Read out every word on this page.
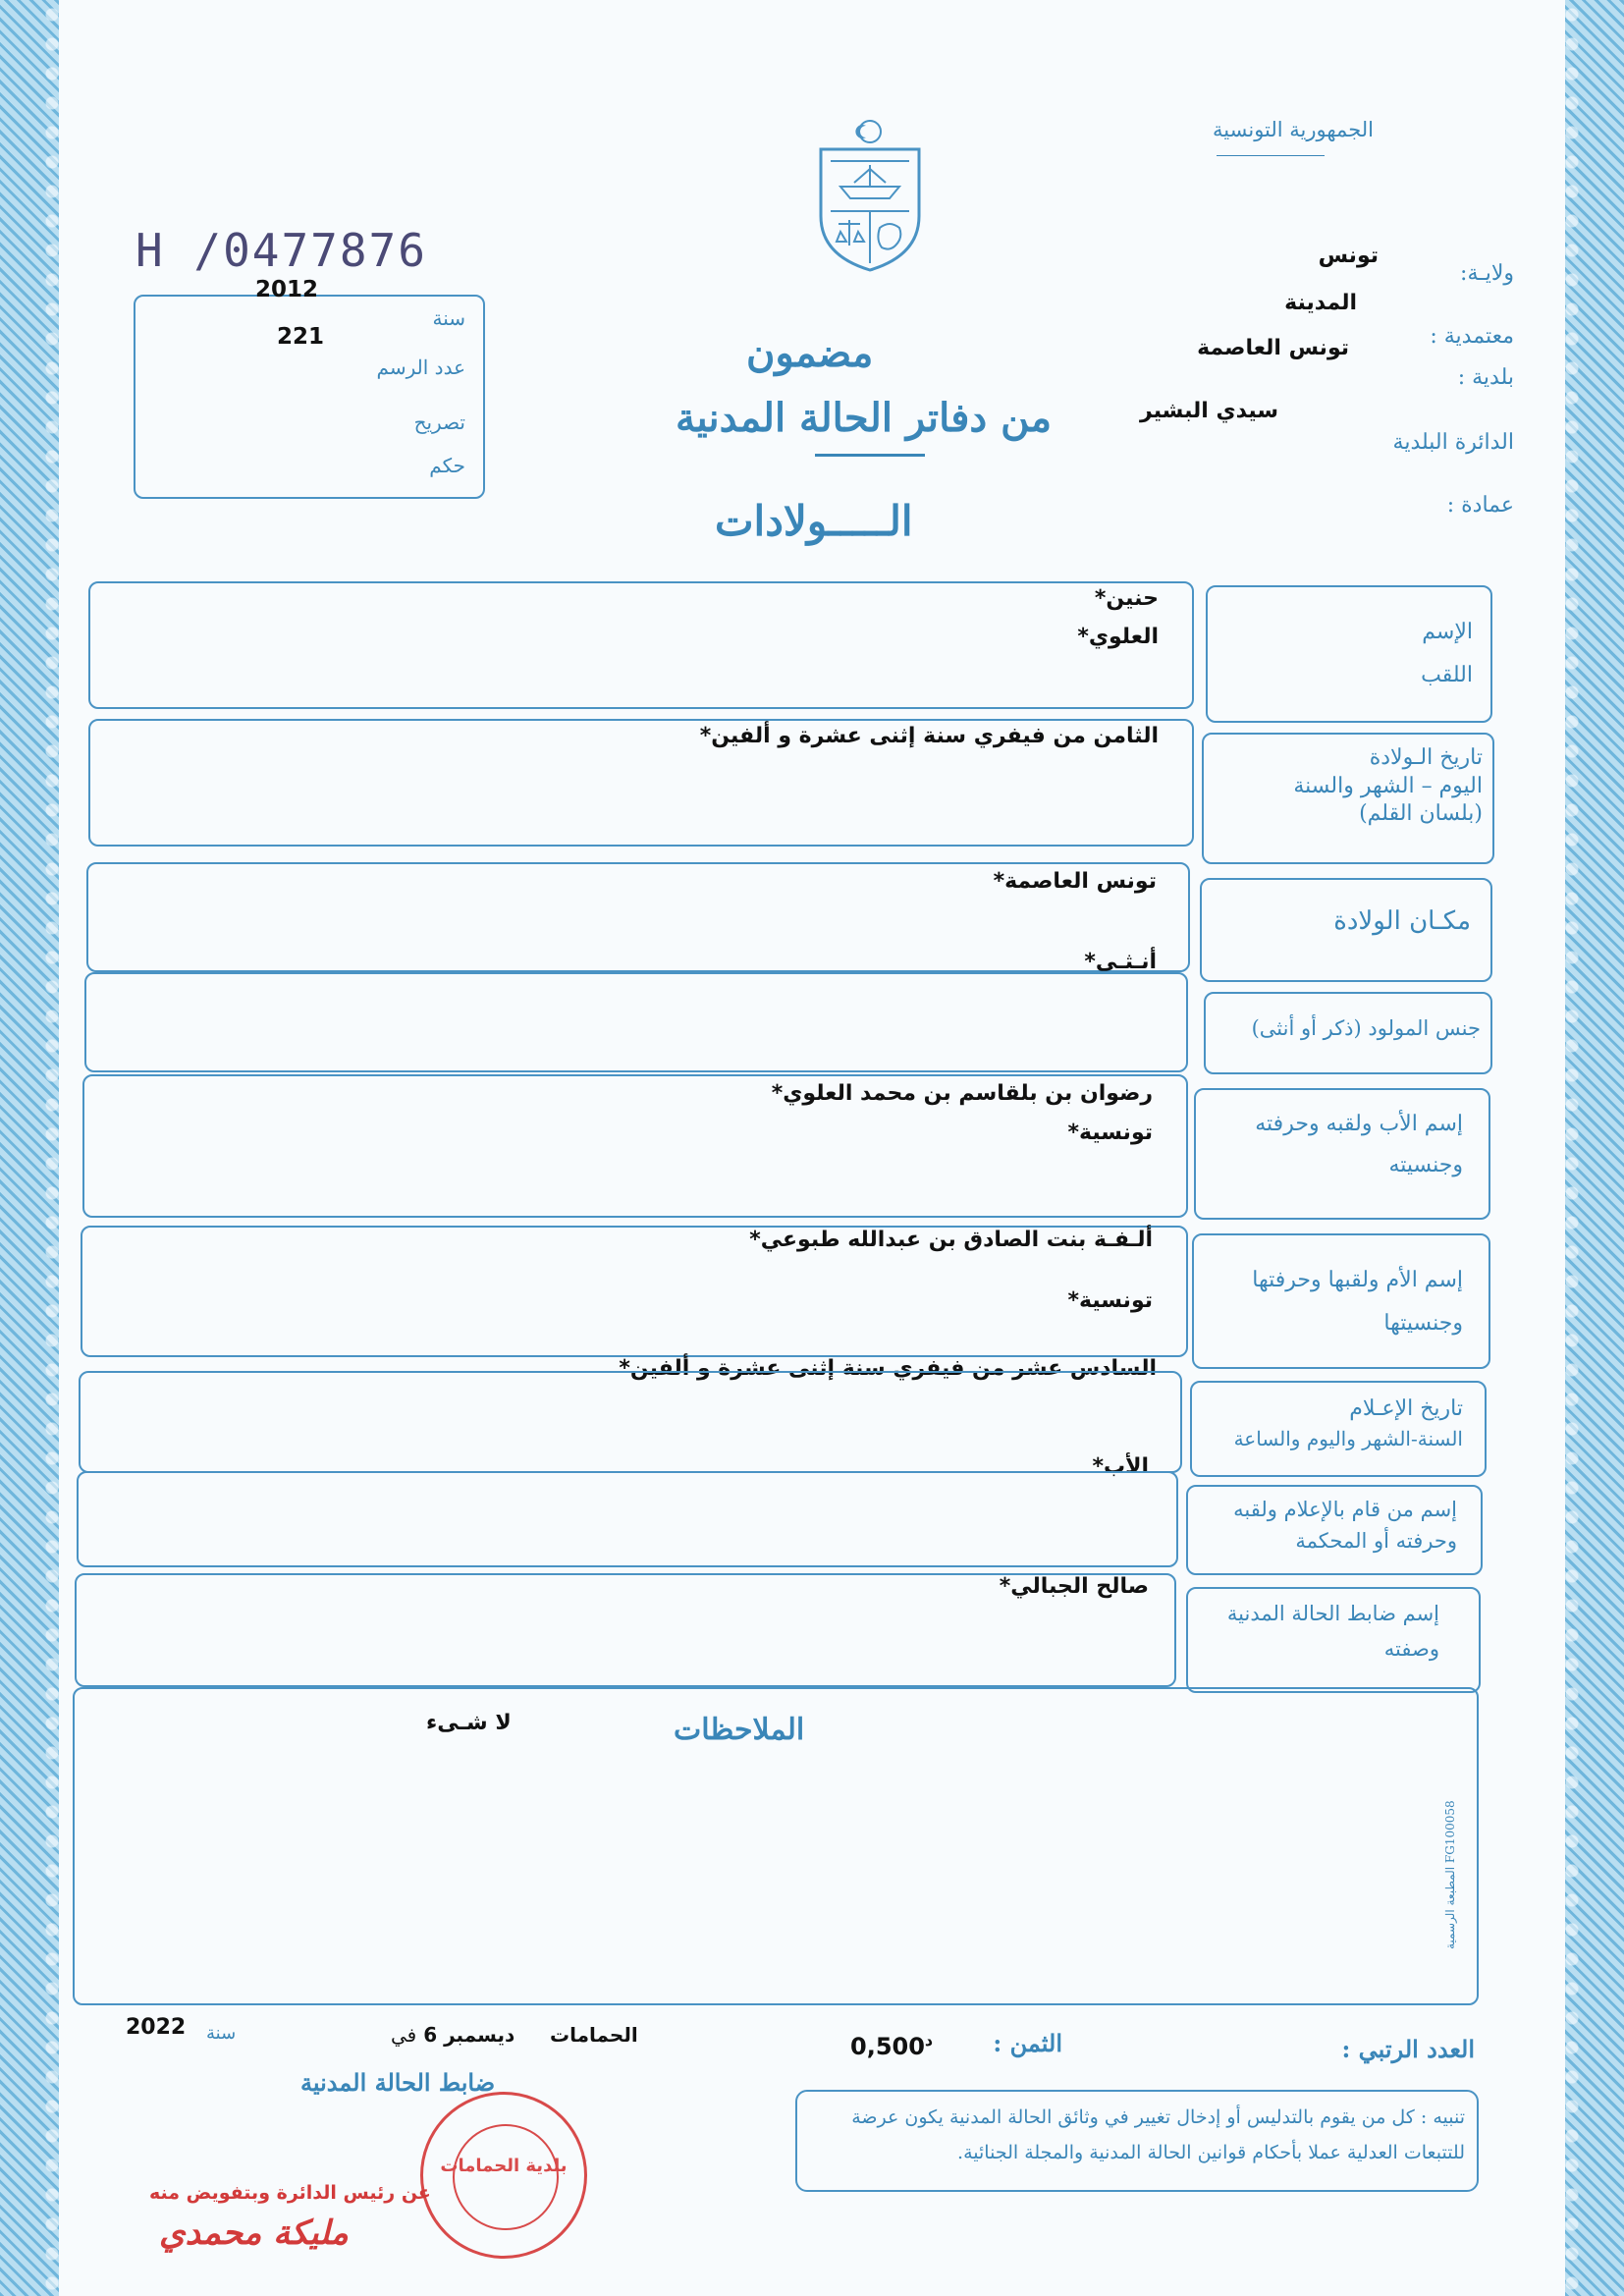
الجمهورية التونسية
H /0477876
2012
سنة
221
عدد الرسم
تصريح
حكم
ولايـة:
تونس
المدينة
معتمدية :
تونس العاصمة
بلدية :
الدائرة البلدية
سيدي البشير
عمادة :
مضمون
من دفاتر الحالة المدنية
الـــــولادات
الإسم
اللقب
حنين*
العلوي*
تاريخ الـولادة
اليوم – الشهر والسنة
(بلسان القلم)
الثامن من فيفري سنة إثنى عشرة و ألفين*
مكـان الولادة
تونس العاصمة*
أنـثـى*
جنس المولود (ذكر أو أنثى)
إسم الأب ولقبه وحرفته
وجنسيته
رضوان بن بلقاسم بن محمد العلوي*
تونسية*
إسم الأم ولقبها وحرفتها
وجنسيتها
ألـفـة بنت الصادق بن عبدالله طبوعي*
تونسية*
السادس عشر من فيفري سنة إثنى عشرة و ألفين*
تاريخ الإعـلام
السنة-الشهر واليوم والساعة
الأب*
إسم من قام بالإعلام ولقبه
وحرفته أو المحكمة
إسم ضابط الحالة المدنية
وصفته
صالح الجبالي*
الملاحظات
لا شـىء
المطبعة الرسمية FG100058
العدد الرتبي :
الثمن :
$0,500^د$
الحمامات
ديسمبر 6 في
2022 سنة
ضابط الحالة المدنية
تنبيه : كل من يقوم بالتدليس أو إدخال تغيير في وثائق الحالة المدنية يكون عرضة للتتبعات العدلية عملا بأحكام قوانين الحالة المدنية والمجلة الجنائية.
بلدية الحمامات
عن رئيس الدائرة وبتفويض منه
مليكة محمدي
